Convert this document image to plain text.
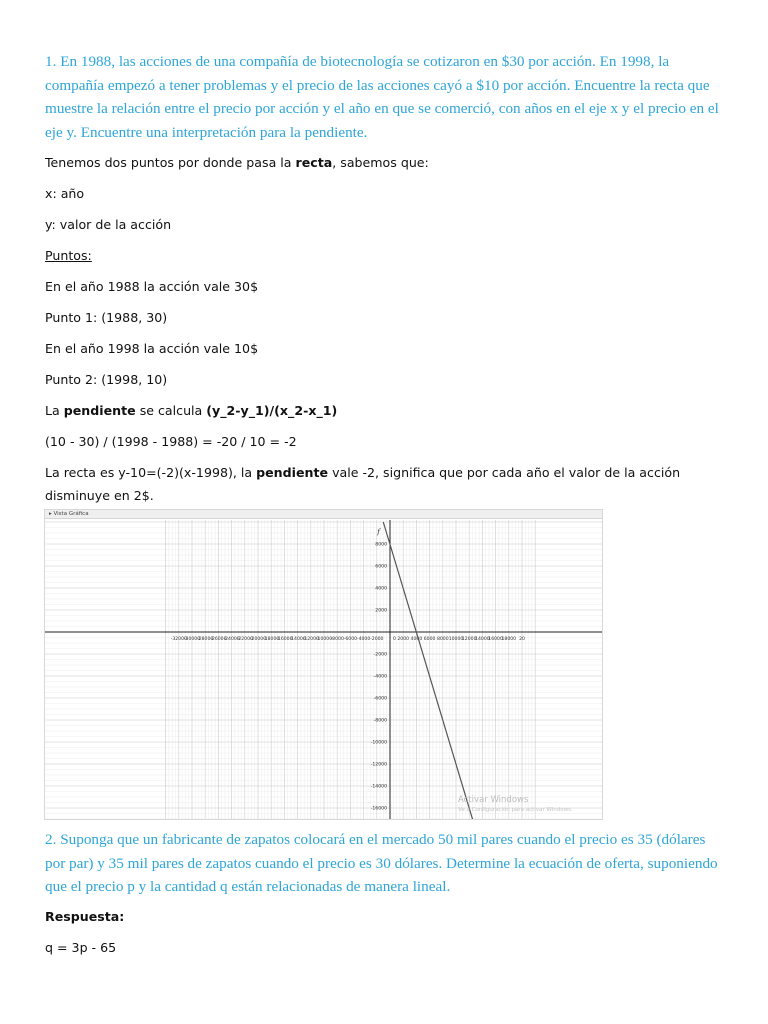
1. En 1988, las acciones de una compañía de biotecnología se cotizaron en $30 por acción. En 1998, la compañía empezó a tener problemas y el precio de las acciones cayó a $10 por acción. Encuentre la recta que muestre la relación entre el precio por acción y el año en que se comerció, con años en el eje x y el precio en el eje y. Encuentre una interpretación para la pendiente.
Tenemos dos puntos por donde pasa la recta, sabemos que:
x: año
y: valor de la acción
Puntos:
En el año 1988 la acción vale 30$
Punto 1: (1988, 30)
En el año 1998 la acción vale 10$
Punto 2: (1998, 10)
La pendiente se calcula (y_2-y_1)/(x_2-x_1)
(10 - 30) / (1998 - 1988) = -20 / 10 = -2
La recta es y-10=(-2)(x-1998), la pendiente vale -2, significa que por cada año el valor de la acción disminuye en 2$.
▸ Vista Gráfica
-32000
-30000
-28000
-26000
-24000
-22000
-20000
-18000
-16000
-14000
-12000
-10000
-8000 -6000 -4000 -2000	2000 4000 6000 8000 10000
12000
14000
16000
18000 20
8000
6000
4000
2000
-2000
-4000
-6000
-8000
-10000
-12000
-14000
-16000
0
f
Activar Windows
Ve a Configuración para activar Windows.
2. Suponga que un fabricante de zapatos colocará en el mercado 50 mil pares cuando el precio es 35 (dólares por par) y 35 mil pares de zapatos cuando el precio es 30 dólares. Determine la ecuación de oferta, suponiendo que el precio p y la cantidad q están relacionadas de manera lineal.
Respuesta:
q = 3p - 65
